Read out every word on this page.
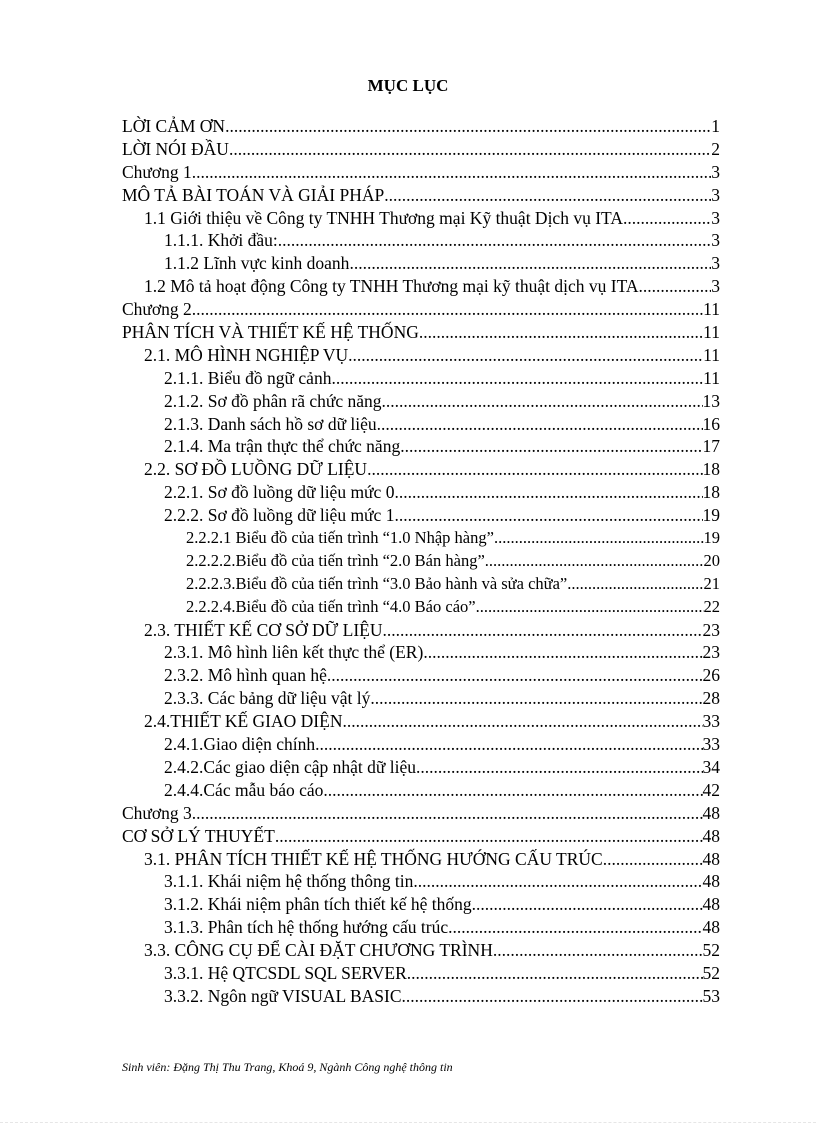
MỤC LỤC
LỜI CẢM ƠN .....	1
LỜI NÓI ĐẦU .....	2
Chương 1 .....	3
MÔ TẢ BÀI TOÁN VÀ GIẢI PHÁP .....	3
1.1 Giới thiệu về Công ty TNHH Thương mại Kỹ thuật Dịch vụ ITA .....	3
1.1.1. Khởi đầu: .....	3
1.1.2 Lĩnh vực kinh doanh .....	3
1.2 Mô tả hoạt động Công ty TNHH Thương mại kỹ thuật dịch vụ ITA .....	3
Chương 2 .....	11
PHÂN TÍCH VÀ THIẾT KẾ HỆ THỐNG .....	11
2.1. MÔ HÌNH NGHIỆP VỤ .....	11
2.1.1. Biểu đồ ngữ cảnh .....	11
2.1.2. Sơ đồ phân rã chức năng .....	13
2.1.3. Danh sách hồ sơ dữ liệu .....	16
2.1.4. Ma trận thực thể chức năng .....	17
2.2. SƠ ĐỒ LUỒNG DỮ LIỆU .....	18
2.2.1. Sơ đồ luồng dữ liệu mức 0 .....	18
2.2.2. Sơ đồ luồng dữ liệu mức 1 .....	19
2.2.2.1 Biểu đồ của tiến trình “1.0 Nhập hàng” .....	19
2.2.2.2.Biểu đồ của tiến trình “2.0 Bán hàng” .....	20
2.2.2.3.Biểu đồ của tiến trình “3.0 Bảo hành và sửa chữa” .....	21
2.2.2.4.Biểu đồ của tiến trình “4.0 Báo cáo” .....	22
2.3. THIẾT KẾ CƠ SỞ DỮ LIỆU .....	23
2.3.1. Mô hình liên kết thực thể (ER) .....	23
2.3.2. Mô hình quan hệ .....	26
2.3.3. Các bảng dữ liệu vật lý .....	28
2.4.THIẾT KẾ GIAO DIỆN .....	33
2.4.1.Giao diện chính .....	33
2.4.2.Các giao diện cập nhật dữ liệu .....	34
2.4.4.Các mẫu báo cáo .....	42
Chương 3 .....	48
CƠ SỞ LÝ THUYẾT .....	48
3.1. PHÂN TÍCH THIẾT KẾ HỆ THỐNG HƯỚNG CẤU TRÚC .....	48
3.1.1. Khái niệm hệ thống thông tin .....	48
3.1.2. Khái niệm phân tích thiết kế hệ thống .....	48
3.1.3. Phân tích hệ thống hướng cấu trúc .....	48
3.3. CÔNG CỤ ĐỂ CÀI ĐẶT CHƯƠNG TRÌNH .....	52
3.3.1. Hệ QTCSDL SQL SERVER .....	52
3.3.2. Ngôn ngữ VISUAL BASIC .....	53
Sinh viên: Đặng Thị Thu Trang, Khoá 9, Ngành Công nghệ thông tin
